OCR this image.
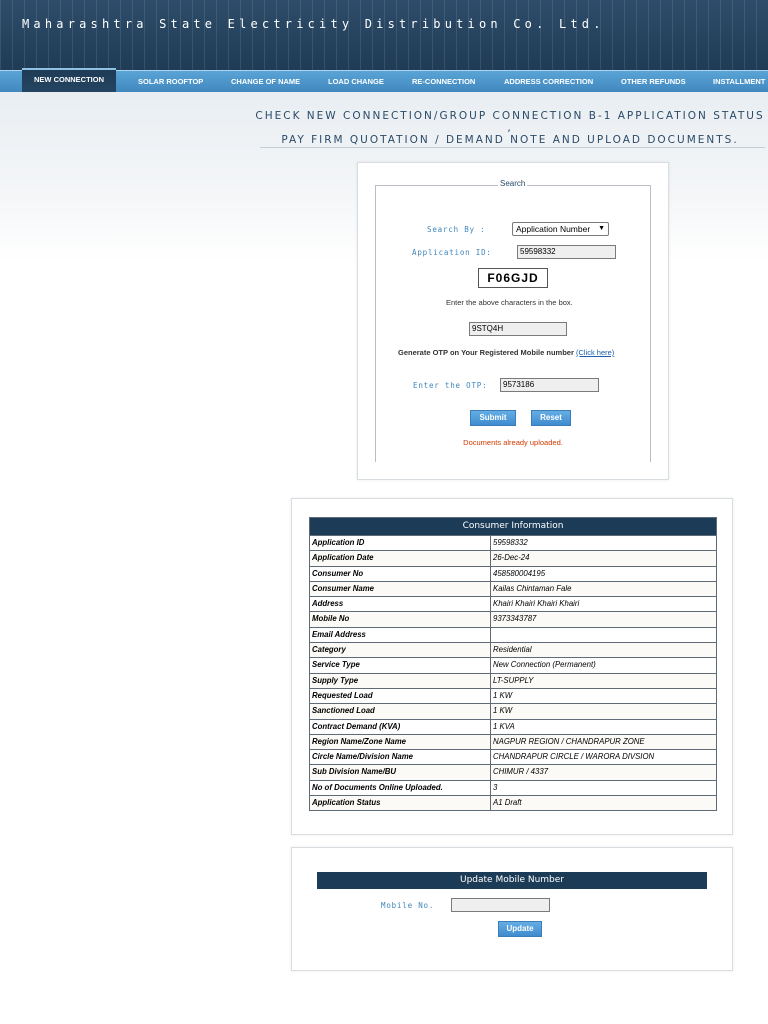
Maharashtra State Electricity Distribution Co. Ltd.
NEW CONNECTION	SOLAR ROOFTOP	CHANGE OF NAME	LOAD CHANGE	RE-CONNECTION	ADDRESS CORRECTION	OTHER REFUNDS	INSTALLMENT
CHECK NEW CONNECTION/GROUP CONNECTION B-1 APPLICATION STATUS ,
PAY FIRM QUOTATION / DEMAND NOTE AND UPLOAD DOCUMENTS.
Search
Search By :	Application Number ▼
Application ID:	59598332
F06GJD
Enter the above characters in the box.
9STQ4H
Generate OTP on Your Registered Mobile number (Click here)
Enter the OTP:	9573186
Submit	Reset
Documents already uploaded.
Consumer Information
Application ID	59598332
Application Date	26-Dec-24
Consumer No	458580004195
Consumer Name	Kailas Chintaman Fale
Address	Khairi Khairi Khairi Khairi
Mobile No	9373343787
Email Address
Category	Residential
Service Type	New Connection (Permanent)
Supply Type	LT-SUPPLY
Requested Load	1 KW
Sanctioned Load	1 KW
Contract Demand (KVA)	1 KVA
Region Name/Zone Name	NAGPUR REGION / CHANDRAPUR ZONE
Circle Name/Division Name	CHANDRAPUR CIRCLE / WARORA DIVSION
Sub Division Name/BU	CHIMUR / 4337
No of Documents Online Uploaded.	3
Application Status	A1 Draft
Update Mobile Number
Mobile No.
Update
